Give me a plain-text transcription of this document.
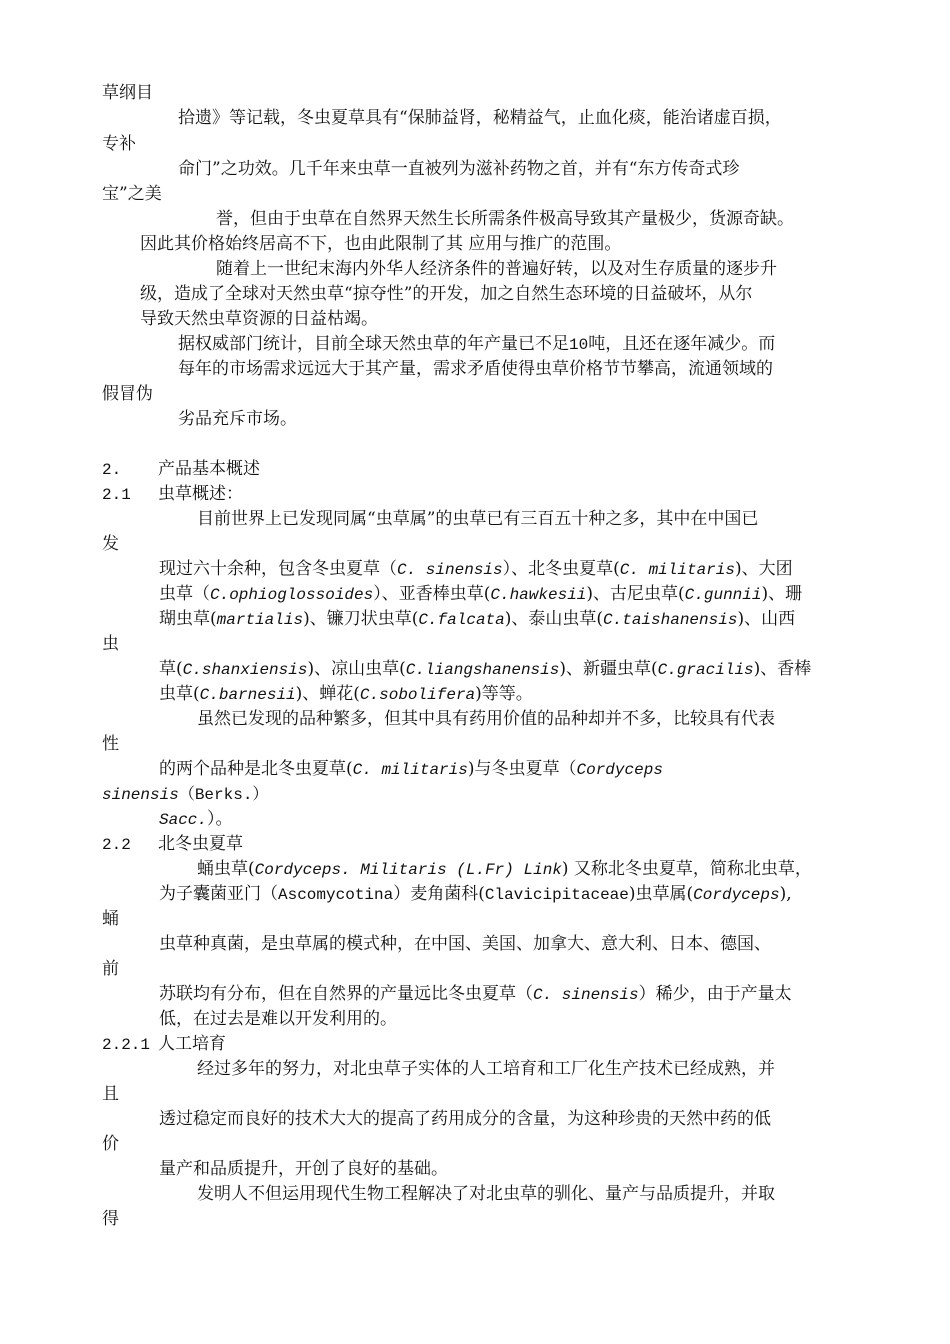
草纲目
拾遗》等记载，冬虫夏草具有“保肺益肾，秘精益气，止血化痰，能治诸虚百损，
专补
命门”之功效。几千年来虫草一直被列为滋补药物之首，并有“东方传奇式珍
宝”之美
誉，但由于虫草在自然界天然生长所需条件极高导致其产量极少，货源奇缺。
因此其价格始终居高不下，也由此限制了其 应用与推广的范围。
随着上一世纪末海内外华人经济条件的普遍好转，以及对生存质量的逐步升
级，造成了全球对天然虫草“掠夺性”的开发，加之自然生态环境的日益破坏，从尔
导致天然虫草资源的日益枯竭。
据权威部门统计，目前全球天然虫草的年产量已不足10吨，且还在逐年减少。而
每年的市场需求远远大于其产量，需求矛盾使得虫草价格节节攀高，流通领域的
假冒伪
劣品充斥市场。
2. 产品基本概述
2.1 虫草概述：
目前世界上已发现同属“虫草属”的虫草已有三百五十种之多，其中在中国已
发
现过六十余种，包含冬虫夏草（C. sinensis）、北冬虫夏草(C. militaris)、大团
虫草（C.ophioglossoides）、亚香棒虫草(C.hawkesii)、古尼虫草(C.gunnii)、珊
瑚虫草(martialis)、镰刀状虫草(C.falcata)、泰山虫草(C.taishanensis)、山西
虫
草(C.shanxiensis)、凉山虫草(C.liangshanensis)、新疆虫草(C.gracilis)、香棒
虫草(C.barnesii)、蝉花(C.sobolifera)等等。
虽然已发现的品种繁多，但其中具有药用价值的品种却并不多，比较具有代表
性
的两个品种是北冬虫夏草(C. militaris)与冬虫夏草（Cordyceps
sinensis（Berks.）
Sacc.）。
2.2 北冬虫夏草
蛹虫草(Cordyceps. Militaris (L.Fr) Link) 又称北冬虫夏草，简称北虫草，
为子囊菌亚门（Ascomycotina）麦角菌科(Clavicipitaceae)虫草属(Cordyceps),
蛹
虫草种真菌，是虫草属的模式种，在中国、美国、加拿大、意大利、日本、德国、
前
苏联均有分布，但在自然界的产量远比冬虫夏草（C. sinensis）稀少，由于产量太
低，在过去是难以开发利用的。
2.2.1 人工培育
经过多年的努力，对北虫草子实体的人工培育和工厂化生产技术已经成熟，并
且
透过稳定而良好的技术大大的提高了药用成分的含量，为这种珍贵的天然中药的低
价
量产和品质提升，开创了良好的基础。
发明人不但运用现代生物工程解决了对北虫草的驯化、量产与品质提升，并取
得
